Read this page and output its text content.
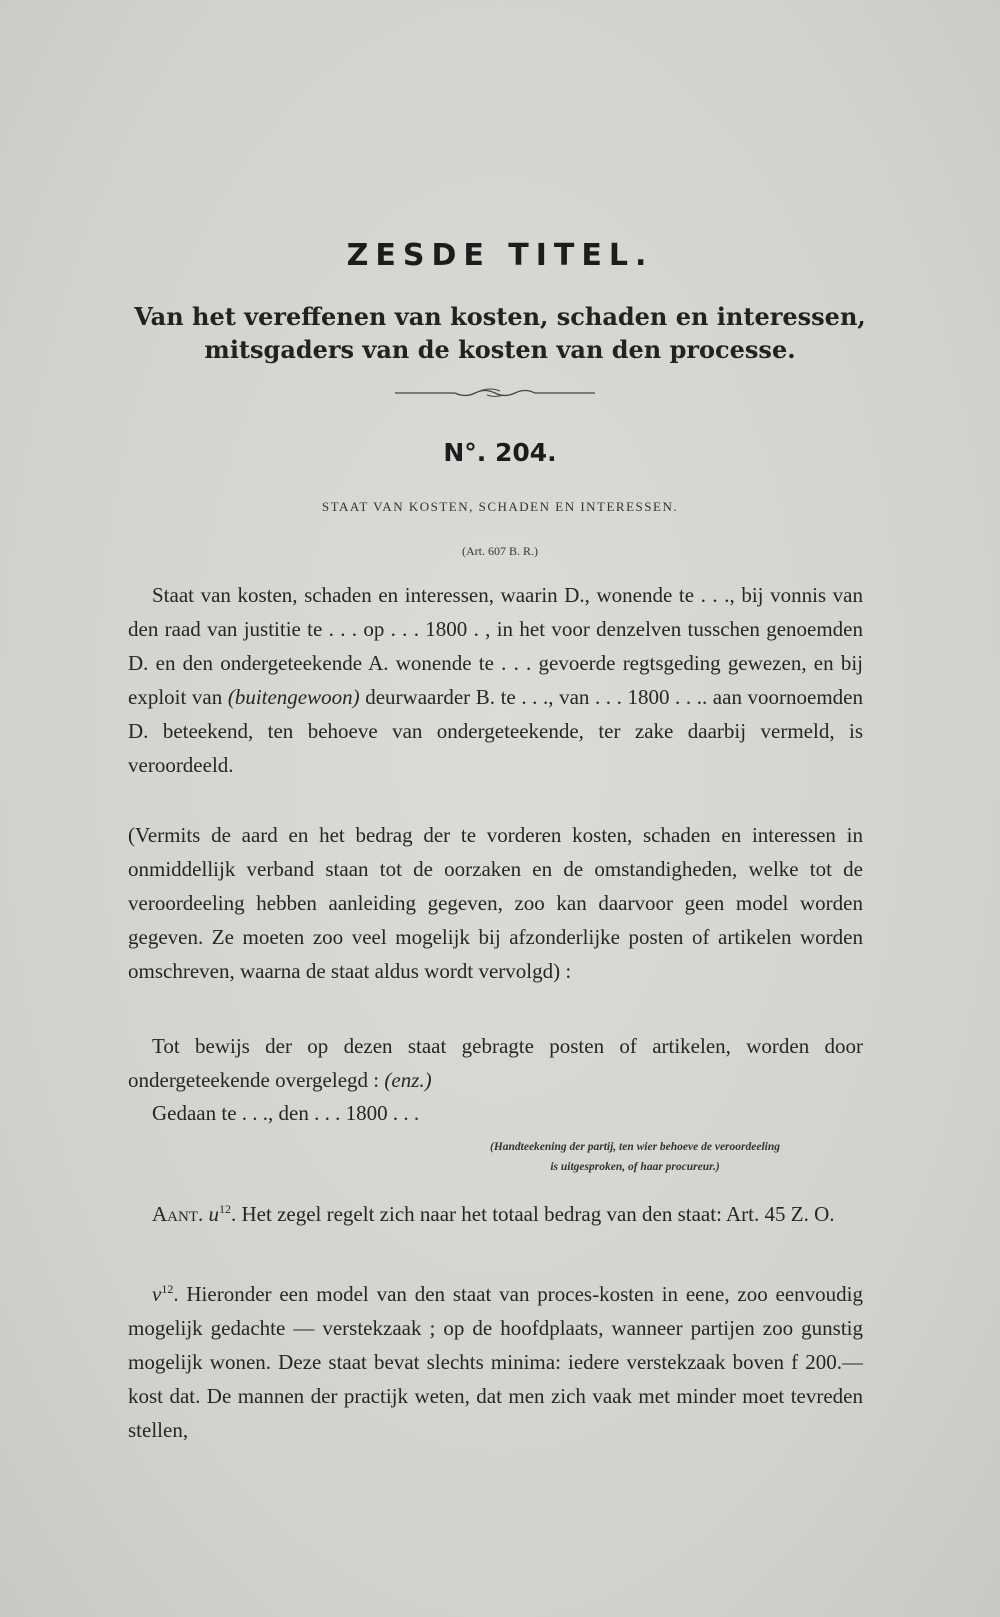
ZESDE TITEL.
Van het vereffenen van kosten, schaden en interessen,
mitsgaders van de kosten van den processe.
N°. 204.
STAAT VAN KOSTEN, SCHADEN EN INTERESSEN.
(Art. 607 B. R.)
Staat van kosten, schaden en interessen, waarin D., wonende te . . ., bij vonnis van den raad van justitie te . . . op . . . 1800 . , in het voor denzelven tusschen genoemden D. en den ondergeteekende A. wonende te . . . gevoerde regtsgeding gewezen, en bij exploit van (buitengewoon) deurwaarder B. te . . ., van . . . 1800 . . .. aan voornoemden D. beteekend, ten behoeve van ondergeteekende, ter zake daarbij vermeld, is veroordeeld.
(Vermits de aard en het bedrag der te vorderen kosten, schaden en interessen in onmiddellijk verband staan tot de oorzaken en de omstandigheden, welke tot de veroordeeling hebben aanleiding gegeven, zoo kan daarvoor geen model worden gegeven. Ze moeten zoo veel mogelijk bij afzonderlijke posten of artikelen worden omschreven, waarna de staat aldus wordt vervolgd) :
Tot bewijs der op dezen staat gebragte posten of artikelen, worden door ondergeteekende overgelegd : (enz.)
Gedaan te . . ., den . . . 1800 . . .
(Handteekening der partij, ten wier behoeve de veroordeeling
is uitgesproken, of haar procureur.)
Aant. $u^{12}$. Het zegel regelt zich naar het totaal bedrag van den staat: Art. 45 Z. O.
$v^{12}$. Hieronder een model van den staat van proces-kosten in eene, zoo eenvoudig mogelijk gedachte — verstekzaak ; op de hoofdplaats, wanneer partijen zoo gunstig mogelijk wonen. Deze staat bevat slechts minima: iedere verstekzaak boven f 200.— kost dat. De mannen der practijk weten, dat men zich vaak met minder moet tevreden stellen,
